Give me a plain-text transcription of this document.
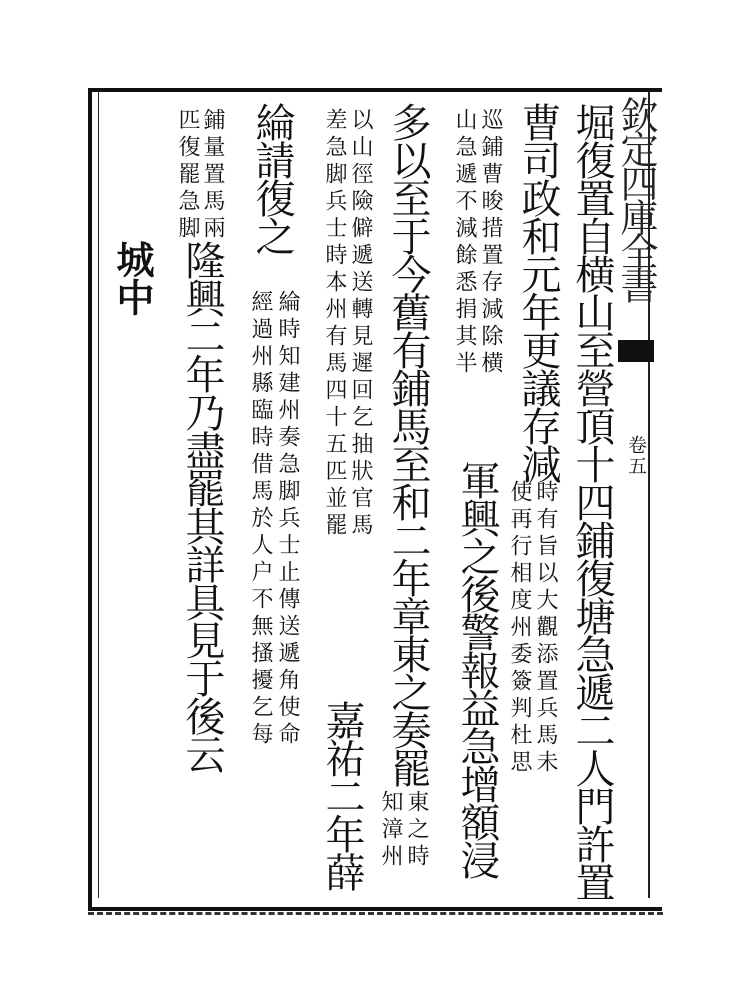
欽定四庫全書
卷五
城中	堀復置自横山至營頂十四鋪復塘急遞二人門許置
曹司政和元年更議存減
時有旨以大觀添置兵馬未
使再行相度州委簽判杜思
巡鋪曹晙措置存減除横
山急遞不減餘悉捐其半
軍興之後警報益急增額浸
多以至于今舊有鋪馬至和二年章東之奏罷
東之時
知漳州
以山徑險僻遞送轉見遲回乞抽狀官馬
差急脚兵士時本州有馬四十五匹並罷
嘉祐二年薛
綸請復之
綸時知建州奏急脚兵士止傳送遞角使命
經過州縣臨時借馬於人户不無搔擾乞每
鋪量置馬兩
匹復罷急脚
隆興二年乃盡罷其詳具見于後云
